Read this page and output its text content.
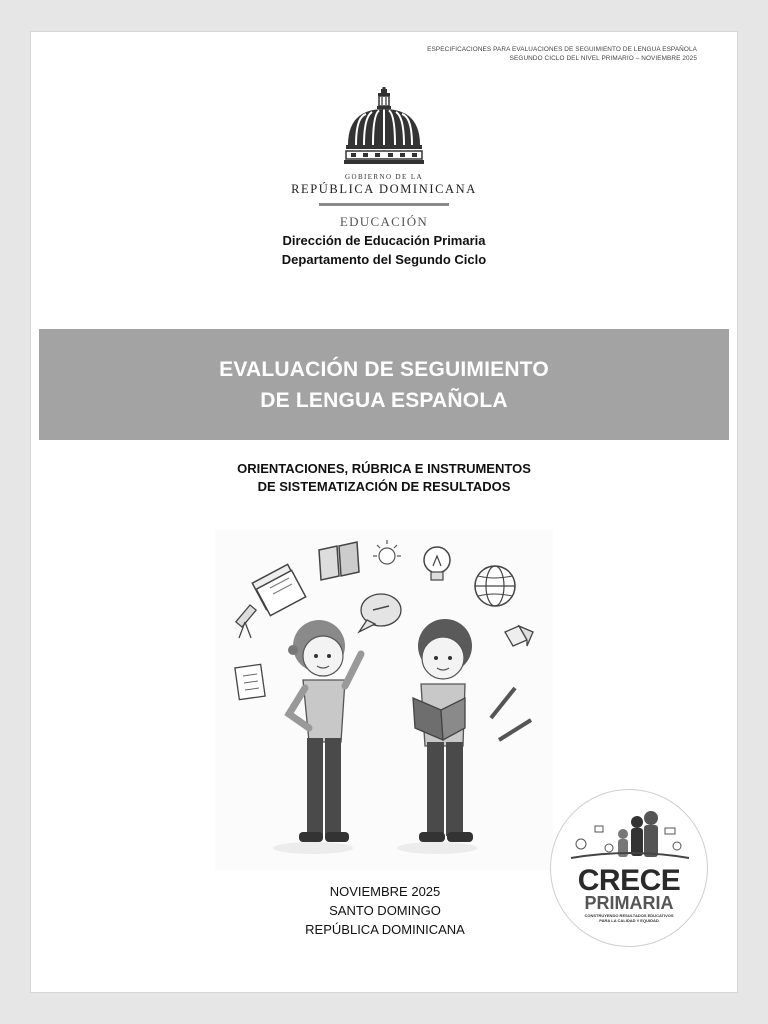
ESPECIFICACIONES PARA EVALUACIONES DE SEGUIMIENTO DE LENGUA ESPAÑOLA
SEGUNDO CICLO DEL NIVEL PRIMARIO – NOVIEMBRE 2025
GOBIERNO DE LA
REPÚBLICA DOMINICANA
EDUCACIÓN
Dirección de Educación Primaria
Departamento del Segundo Ciclo
EVALUACIÓN DE SEGUIMIENTO
DE LENGUA ESPAÑOLA
ORIENTACIONES, RÚBRICA E INSTRUMENTOS
DE SISTEMATIZACIÓN DE RESULTADOS
NOVIEMBRE 2025
SANTO DOMINGO
REPÚBLICA DOMINICANA
CRECE
PRIMARIA
CONSTRUYENDO RESULTADOS EDUCATIVOS
PARA LA CALIDAD Y EQUIDAD
